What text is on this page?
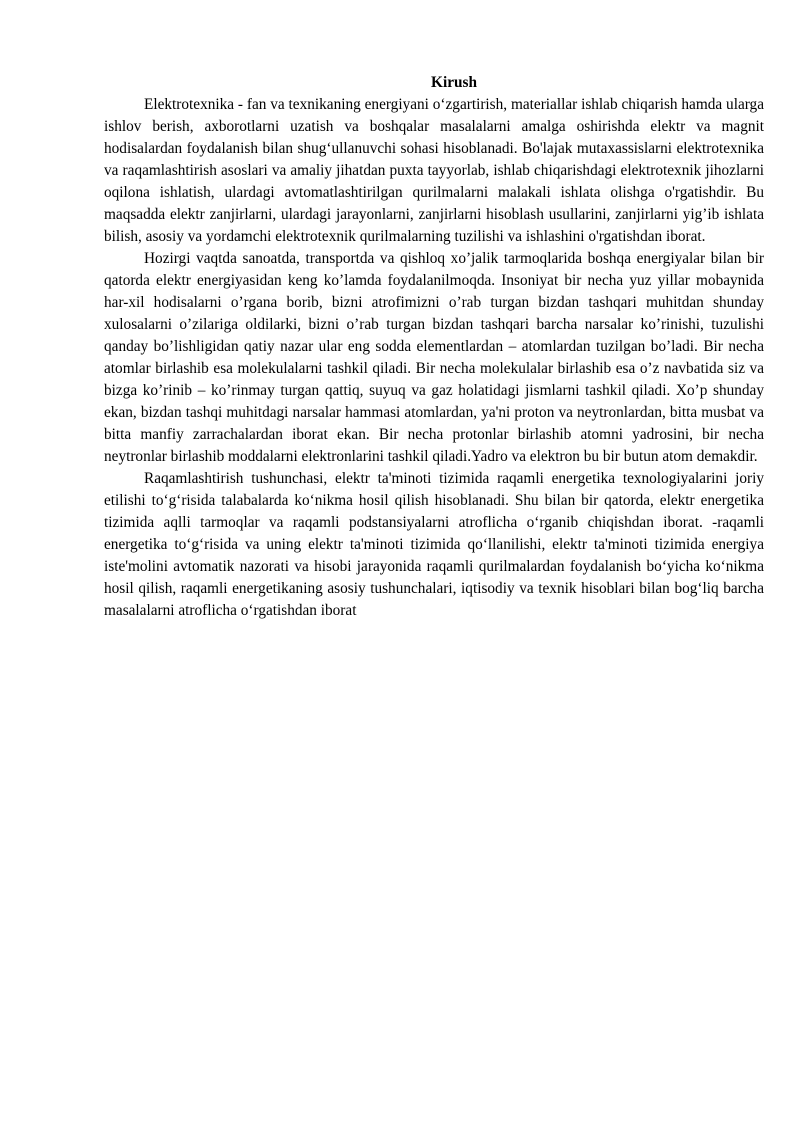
Kirush

Elektrotexnika - fan va texnikaning energiyani o‘zgartirish, materiallar ishlab chiqarish hamda ularga ishlov berish, axborotlarni uzatish va boshqalar masalalarni amalga oshirishda elektr va magnit hodisalardan foydalanish bilan shug‘ullanuvchi sohasi hisoblanadi. Bo'lajak mutaxassislarni elektrotexnika va raqamlashtirish asoslari va amaliy jihatdan puxta tayyorlab, ishlab chiqarishdagi elektrotexnik jihozlarni oqilona ishlatish, ulardagi avtomatlashtirilgan qurilmalarni malakali ishlata olishga o'rgatishdir. Bu maqsadda elektr zanjirlarni, ulardagi jarayonlarni, zanjirlarni hisoblash usullarini, zanjirlarni yig’ib ishlata bilish, asosiy va yordamchi elektrotexnik qurilmalarning tuzilishi va ishlashini o'rgatishdan iborat.

Hozirgi vaqtda sanoatda, transportda va qishloq xo’jalik tarmoqlarida boshqa energiyalar bilan bir qatorda elektr energiyasidan keng ko’lamda foydalanilmoqda. Insoniyat bir necha yuz yillar mobaynida har-xil hodisalarni o’rgana borib, bizni atrofimizni o’rab turgan bizdan tashqari muhitdan shunday xulosalarni o’zilariga oldilarki, bizni o’rab turgan bizdan tashqari barcha narsalar ko’rinishi, tuzulishi qanday bo’lishligidan qatiy nazar ular eng sodda elementlardan – atomlardan tuzilgan bo’ladi. Bir necha atomlar birlashib esa molekulalarni tashkil qiladi. Bir necha molekulalar birlashib esa o’z navbatida siz va bizga ko’rinib – ko’rinmay turgan qattiq, suyuq va gaz holatidagi jismlarni tashkil qiladi. Xo’p shunday ekan, bizdan tashqi muhitdagi narsalar hammasi atomlardan, ya'ni proton va neytronlardan, bitta musbat va bitta manfiy zarrachalardan iborat ekan. Bir necha protonlar birlashib atomni yadrosini, bir necha neytronlar birlashib moddalarni elektronlarini tashkil qiladi.Yadro va elektron bu bir butun atom demakdir.

Raqamlashtirish tushunchasi, elektr ta'minoti tizimida raqamli energetika texnologiyalarini joriy etilishi to‘g‘risida talabalarda ko‘nikma hosil qilish hisoblanadi. Shu bilan bir qatorda, elektr energetika tizimida aqlli tarmoqlar va raqamli podstansiyalarni atroflicha o‘rganib chiqishdan iborat. -raqamli energetika to‘g‘risida va uning elektr ta'minoti tizimida qo‘llanilishi, elektr ta'minoti tizimida energiya iste'molini avtomatik nazorati va hisobi jarayonida raqamli qurilmalardan foydalanish bo‘yicha ko‘nikma hosil qilish, raqamli energetikaning asosiy tushunchalari, iqtisodiy va texnik hisoblari bilan bog‘liq barcha masalalarni atroflicha o‘rgatishdan iborat
